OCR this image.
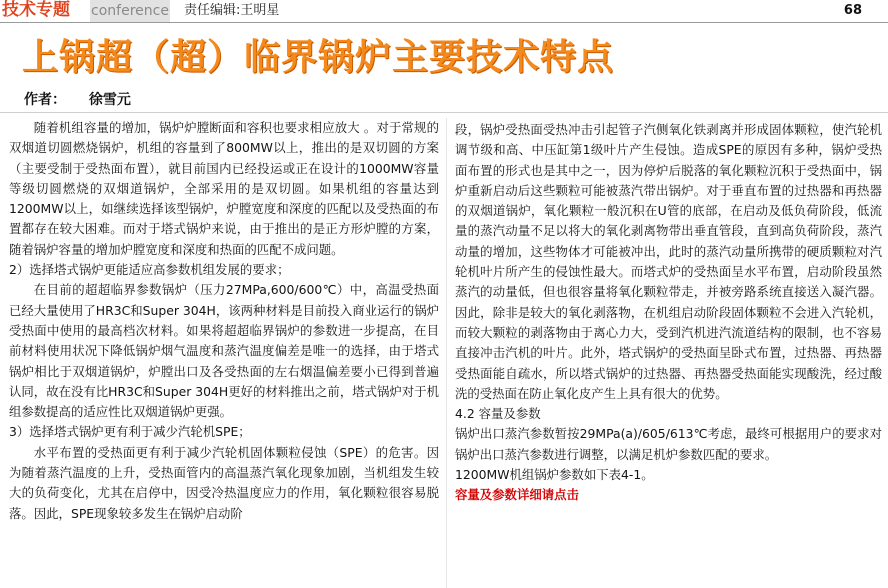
技术专题	conference 责任编辑:王明星	68
上锅超（超）临界锅炉主要技术特点
作者： 徐雪元

随着机组容量的增加，锅炉炉膛断面和容积也要求相应放大 。对于常规的双烟道切圆燃烧锅炉，机组的容量到了800MW以上，推出的是双切圆的方案（主要受制于受热面布置），就目前国内已经投运或正在设计的1000MW容量等级切圆燃烧的双烟道锅炉，全部采用的是双切圆。如果机组的容量达到1200MW以上，如继续选择该型锅炉，炉膛宽度和深度的匹配以及受热面的布置都存在较大困难。而对于塔式锅炉来说，由于推出的是正方形炉膛的方案，随着锅炉容量的增加炉膛宽度和深度和热面的匹配不成问题。

2）选择塔式锅炉更能适应高参数机组发展的要求；

在目前的超超临界参数锅炉（压力27MPa,600/600℃）中，高温受热面已经大量使用了HR3C和Super 304H，该两种材料是目前投入商业运行的锅炉受热面中使用的最高档次材料。如果将超超临界锅炉的参数进一步提高，在目前材料使用状况下降低锅炉烟气温度和蒸汽温度偏差是唯一的选择，由于塔式锅炉相比于双烟道锅炉，炉膛出口及各受热面的左右烟温偏差要小已得到普遍认同，故在没有比HR3C和Super 304H更好的材料推出之前，塔式锅炉对于机组参数提高的适应性比双烟道锅炉更强。

3）选择塔式锅炉更有利于减少汽轮机SPE；

水平布置的受热面更有利于减少汽轮机固体颗粒侵蚀（SPE）的危害。因为随着蒸汽温度的上升，受热面管内的高温蒸汽氧化现象加剧，当机组发生较大的负荷变化，尤其在启停中，因受冷热温度应力的作用，氧化颗粒很容易脱落。因此，SPE现象较多发生在锅炉启动阶

段，锅炉受热面受热冲击引起管子汽侧氧化铁剥离并形成固体颗粒，使汽轮机调节级和高、中压缸第1级叶片产生侵蚀。造成SPE的原因有多种，锅炉受热面布置的形式也是其中之一，因为停炉后脱落的氧化颗粒沉积于受热面中，锅炉重新启动后这些颗粒可能被蒸汽带出锅炉。对于垂直布置的过热器和再热器的双烟道锅炉，氧化颗粒一般沉积在U管的底部，在启动及低负荷阶段，低流量的蒸汽动量不足以将大的氧化剥离物带出垂直管段，直到高负荷阶段，蒸汽动量的增加，这些物体才可能被冲出，此时的蒸汽动量所携带的硬质颗粒对汽轮机叶片所产生的侵蚀性最大。而塔式炉的受热面呈水平布置，启动阶段虽然蒸汽的动量低，但也很容量将氧化颗粒带走，并被旁路系统直接送入凝汽器。因此，除非是较大的氧化剥落物，在机组启动阶段固体颗粒不会进入汽轮机，而较大颗粒的剥落物由于离心力大，受到汽机进汽流道结构的限制，也不容易直接冲击汽机的叶片。此外，塔式锅炉的受热面呈卧式布置，过热器、再热器受热面能自疏水，所以塔式锅炉的过热器、再热器受热面能实现酸洗，经过酸洗的受热面在防止氧化皮产生上具有很大的优势。

4.2 容量及参数

锅炉出口蒸汽参数暂按29MPa(a)/605/613℃考虑，最终可根据用户的要求对锅炉出口蒸汽参数进行调整，以满足机炉参数匹配的要求。

1200MW机组锅炉参数如下表4-1。

容量及参数详细请点击
